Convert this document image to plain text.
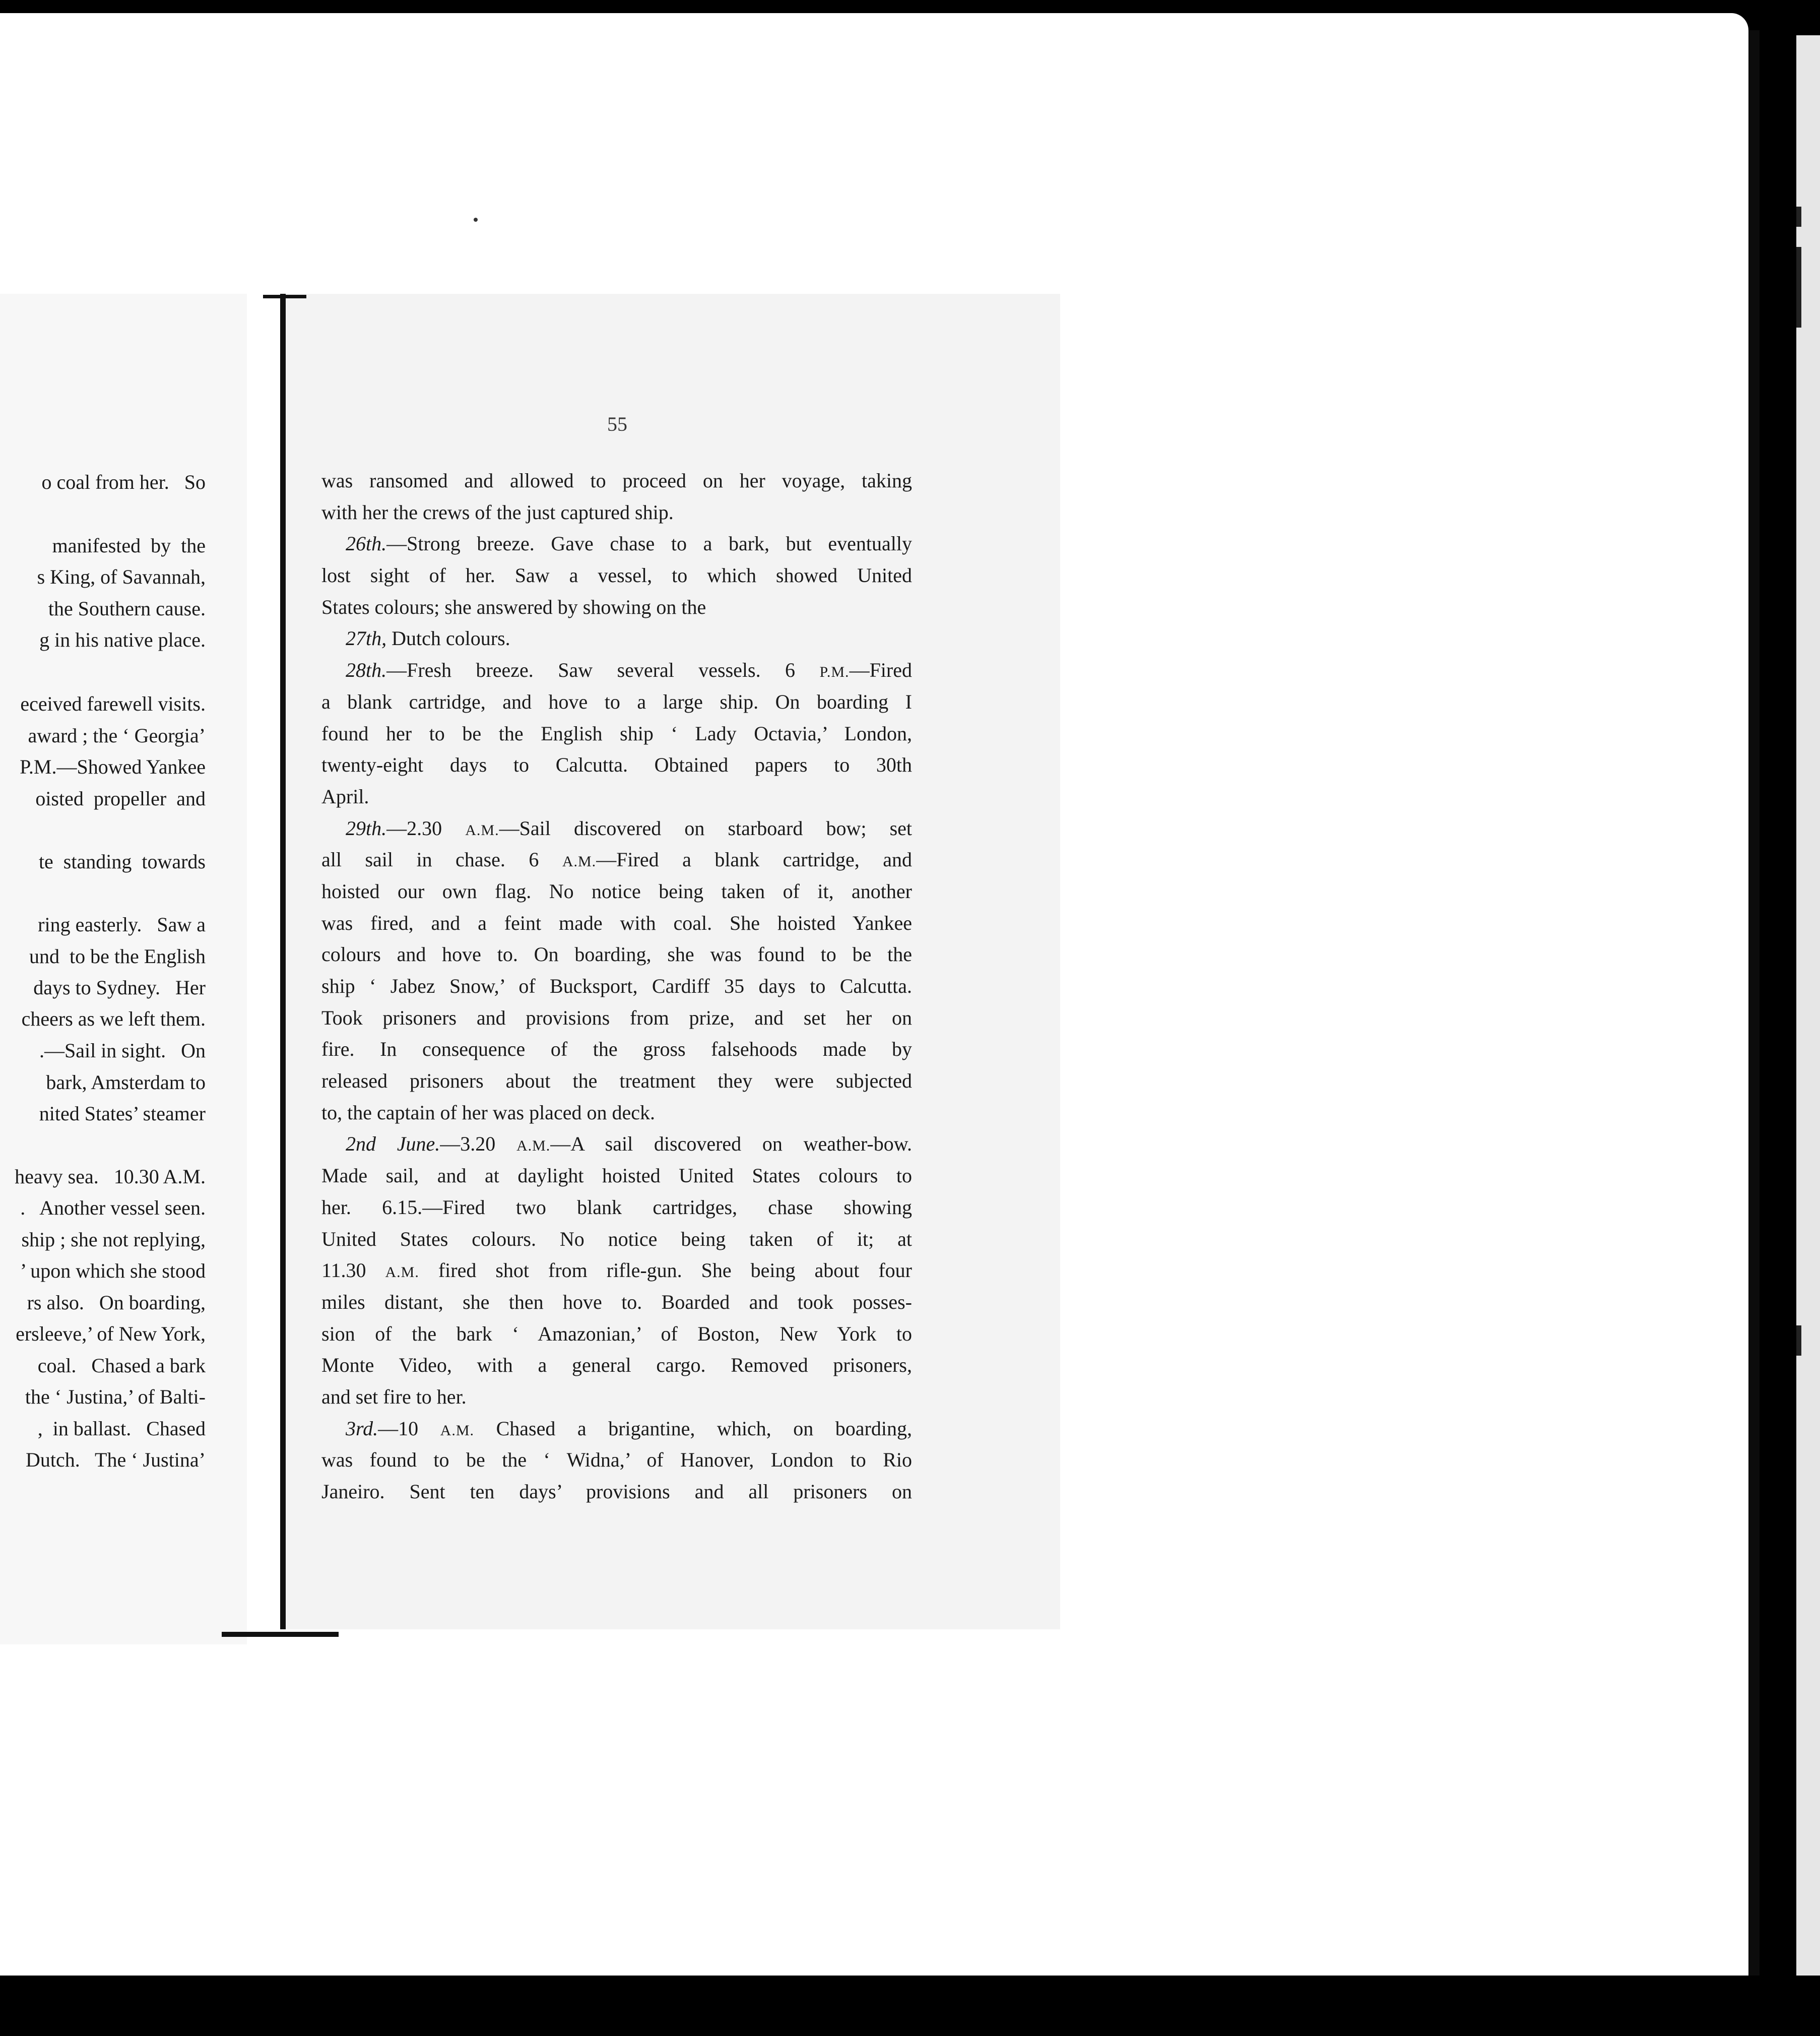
o coal from her.   So
manifested  by  the
s King, of Savannah,
the Southern cause.
g in his native place.
eceived farewell visits.
award ; the ‘ Georgia’
P.M.—Showed Yankee
oisted  propeller  and
te  standing  towards
ring easterly.   Saw a
und  to be the English
days to Sydney.   Her
cheers as we left them.
.—Sail in sight.   On
bark, Amsterdam to
nited States’ steamer
heavy sea.   10.30 A.M.
.   Another vessel seen.
ship ; she not replying,
’ upon which she stood
rs also.   On boarding,
ersleeve,’ of New York,
coal.   Chased a bark
the ‘ Justina,’ of Balti-
,  in ballast.   Chased
Dutch.   The ‘ Justina’
55
was ransomed and allowed to proceed on her voyage, taking
with her the crews of the just captured ship.
26th.—Strong breeze. Gave chase to a bark, but eventually
lost sight of her. Saw a vessel, to which showed United
States colours; she answered by showing on the
27th, Dutch colours.
28th.—Fresh breeze. Saw several vessels. 6 P.M.—Fired
a blank cartridge, and hove to a large ship. On boarding I
found her to be the English ship ‘ Lady Octavia,’ London,
twenty-eight days to Calcutta. Obtained papers to 30th
April.
29th.—2.30 A.M.—Sail discovered on starboard bow; set
all sail in chase. 6 A.M.—Fired a blank cartridge, and
hoisted our own flag. No notice being taken of it, another
was fired, and a feint made with coal. She hoisted Yankee
colours and hove to. On boarding, she was found to be the
ship ‘ Jabez Snow,’ of Bucksport, Cardiff 35 days to Calcutta.
Took prisoners and provisions from prize, and set her on
fire. In consequence of the gross falsehoods made by
released prisoners about the treatment they were subjected
to, the captain of her was placed on deck.
2nd June.—3.20 A.M.—A sail discovered on weather-bow.
Made sail, and at daylight hoisted United States colours to
her. 6.15.—Fired two blank cartridges, chase showing
United States colours. No notice being taken of it; at
11.30 A.M. fired shot from rifle-gun. She being about four
miles distant, she then hove to. Boarded and took posses-
sion of the bark ‘ Amazonian,’ of Boston, New York to
Monte Video, with a general cargo. Removed prisoners,
and set fire to her.
3rd.—10 A.M. Chased a brigantine, which, on boarding,
was found to be the ‘ Widna,’ of Hanover, London to Rio
Janeiro. Sent ten days’ provisions and all prisoners on
